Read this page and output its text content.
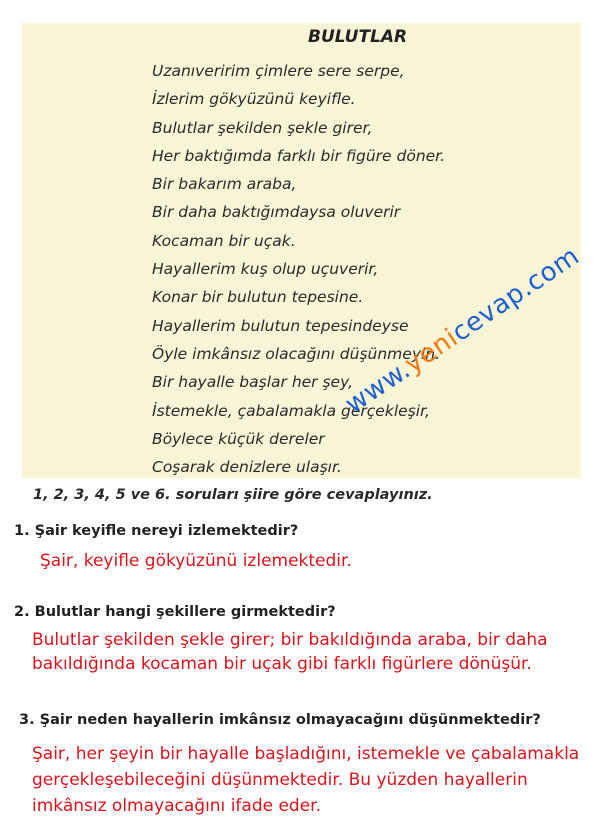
BULUTLAR
Uzanıveririm çimlere sere serpe,
İzlerim gökyüzünü keyifle.
Bulutlar şekilden şekle girer,
Her baktığımda farklı bir figüre döner.
Bir bakarım araba,
Bir daha baktığımdaysa oluverir
Kocaman bir uçak.
Hayallerim kuş olup uçuverir,
Konar bir bulutun tepesine.
Hayallerim bulutun tepesindeyse
Öyle imkânsız olacağını düşünmeyin.
Bir hayalle başlar her şey,
İstemekle, çabalamakla gerçekleşir,
Böylece küçük dereler
Coşarak denizlere ulaşır.
www.yenicevap.com
1, 2, 3, 4, 5 ve 6. soruları şiire göre cevaplayınız.
1. Şair keyifle nereyi izlemektedir?
Şair, keyifle gökyüzünü izlemektedir.
2. Bulutlar hangi şekillere girmektedir?
Bulutlar şekilden şekle girer; bir bakıldığında araba, bir daha bakıldığında kocaman bir uçak gibi farklı figürlere dönüşür.
3. Şair neden hayallerin imkânsız olmayacağını düşünmektedir?
Şair, her şeyin bir hayalle başladığını, istemekle ve çabalamakla gerçekleşebileceğini düşünmektedir. Bu yüzden hayallerin imkânsız olmayacağını ifade eder.
